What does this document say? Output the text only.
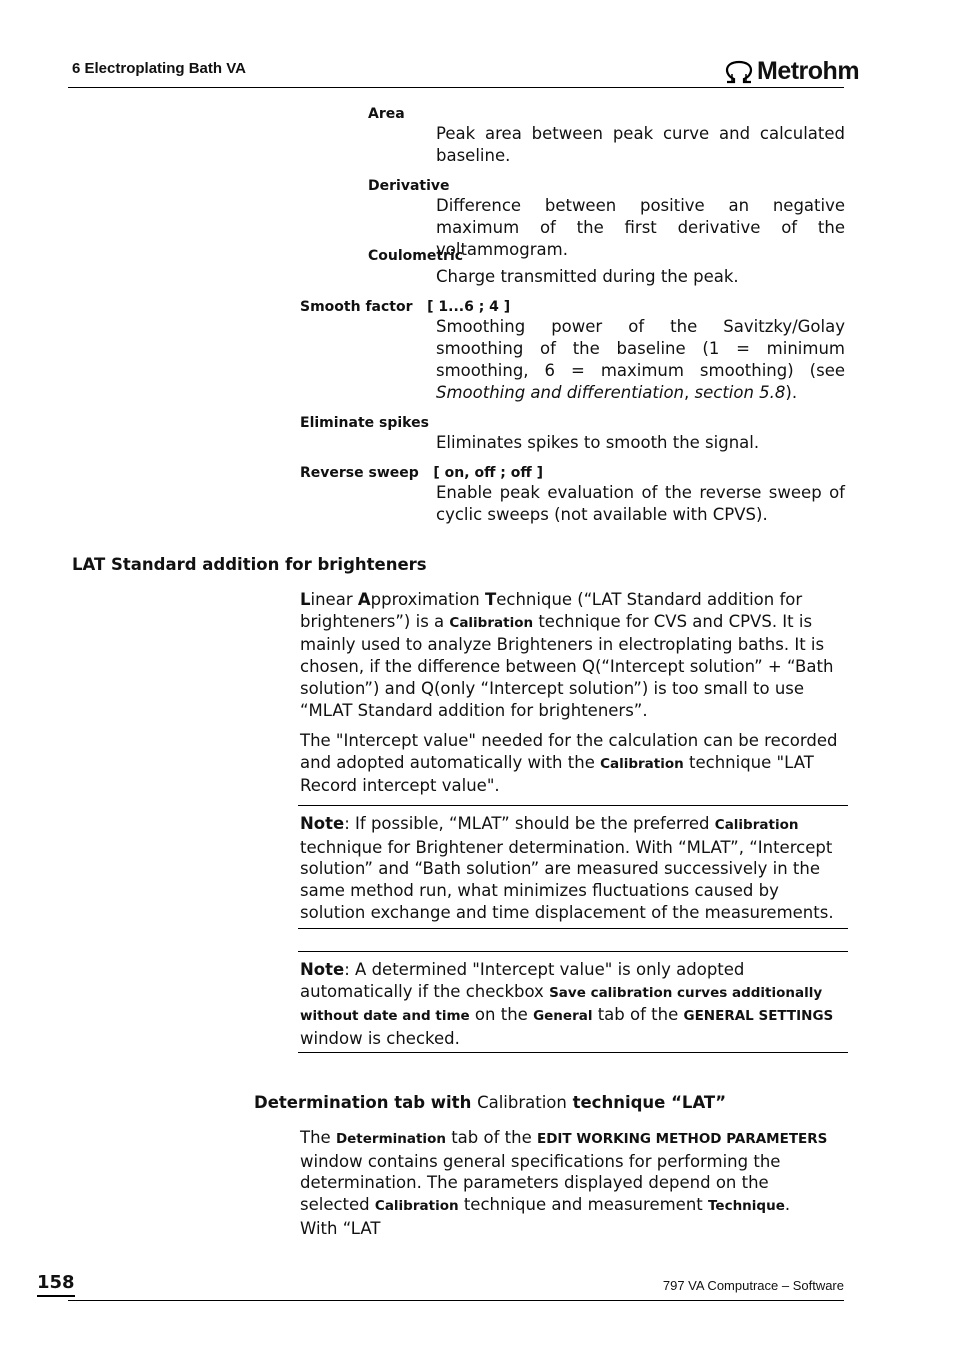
6 Electroplating Bath VA	Metrohm
Area
Peak area between peak curve and calculated baseline.
Derivative
Difference between positive an negative maximum of the first derivative of the voltammogram.
Coulometric
Charge transmitted during the peak.
Smooth factor [ 1...6 ; 4 ]
Smoothing power of the Savitzky/Golay smoothing of the baseline (1 = minimum smoothing, 6 = maximum smoothing) (see Smoothing and differentiation, section 5.8).
Eliminate spikes
Eliminates spikes to smooth the signal.
Reverse sweep [ on, off ; off ]
Enable peak evaluation of the reverse sweep of cyclic sweeps (not available with CPVS).
LAT Standard addition for brighteners
Linear Approximation Technique (“LAT Standard addition for brighteners”) is a Calibration technique for CVS and CPVS. It is mainly used to analyze Brighteners in electroplating baths. It is chosen, if the difference between Q(“Intercept solution” + “Bath solution”) and Q(only “Intercept solution”) is too small to use “MLAT Standard addition for brighteners”.
The "Intercept value" needed for the calculation can be recorded and adopted automatically with the Calibration technique "LAT Record intercept value".
Note: If possible, “MLAT” should be the preferred Calibration technique for Brightener determination. With “MLAT”, “Intercept solution” and “Bath solution” are measured successively in the same method run, what minimizes fluctuations caused by solution exchange and time displacement of the measurements.
Note: A determined "Intercept value" is only adopted automatically if the checkbox Save calibration curves additionally without date and time on the General tab of the GENERAL SETTINGS window is checked.
Determination tab with Calibration technique “LAT”
The Determination tab of the EDIT WORKING METHOD PARAMETERS window contains general specifications for performing the determination. The parameters displayed depend on the selected Calibration technique and measurement Technique. With “LAT
158	797 VA Computrace – Software
